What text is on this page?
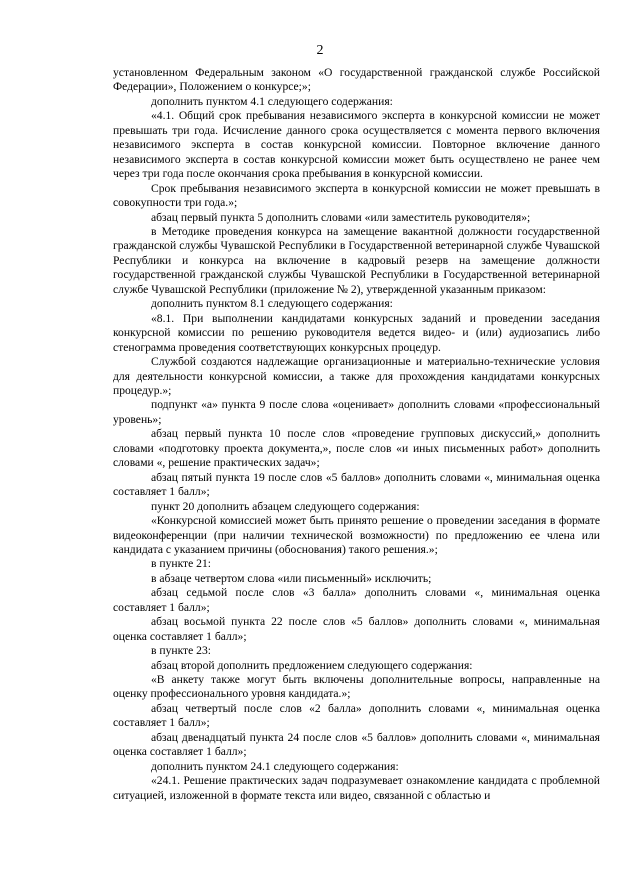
2

установленном Федеральным законом «О государственной гражданской службе Российской Федерации», Положением о конкурсе;»;

дополнить пунктом 4.1 следующего содержания:

«4.1. Общий срок пребывания независимого эксперта в конкурсной комиссии не может превышать три года. Исчисление данного срока осуществляется с момента первого включения независимого эксперта в состав конкурсной комиссии. Повторное включение данного независимого эксперта в состав конкурсной комиссии может быть осуществлено не ранее чем через три года после окончания срока пребывания в конкурсной комиссии.

Срок пребывания независимого эксперта в конкурсной комиссии не может превышать в совокупности три года.»;

абзац первый пункта 5 дополнить словами «или заместитель руководителя»;

в Методике проведения конкурса на замещение вакантной должности государственной гражданской службы Чувашской Республики в Государственной ветеринарной службе Чувашской Республики и конкурса на включение в кадровый резерв на замещение должности государственной гражданской службы Чувашской Республики в Государственной ветеринарной службе Чувашской Республики (приложение № 2), утвержденной указанным приказом:

дополнить пунктом 8.1 следующего содержания:

«8.1. При выполнении кандидатами конкурсных заданий и проведении заседания конкурсной комиссии по решению руководителя ведется видео- и (или) аудиозапись либо стенограмма проведения соответствующих конкурсных процедур.

Службой создаются надлежащие организационные и материально-технические условия для деятельности конкурсной комиссии, а также для прохождения кандидатами конкурсных процедур.»;

подпункт «а» пункта 9 после слова «оценивает» дополнить словами «профессиональный уровень»;

абзац первый пункта 10 после слов «проведение групповых дискуссий,» дополнить словами «подготовку проекта документа,», после слов «и иных письменных работ» дополнить словами «, решение практических задач»;

абзац пятый пункта 19 после слов «5 баллов» дополнить словами «, минимальная оценка составляет 1 балл»;

пункт 20 дополнить абзацем следующего содержания:

«Конкурсной комиссией может быть принято решение о проведении заседания в формате видеоконференции (при наличии технической возможности) по предложению ее члена или кандидата с указанием причины (обоснования) такого решения.»;

в пункте 21:

в абзаце четвертом слова «или письменный» исключить;

абзац седьмой после слов «3 балла» дополнить словами «, минимальная оценка составляет 1 балл»;

абзац восьмой пункта 22 после слов «5 баллов» дополнить словами «, минимальная оценка составляет 1 балл»;

в пункте 23:

абзац второй дополнить предложением следующего содержания:

«В анкету также могут быть включены дополнительные вопросы, направленные на оценку профессионального уровня кандидата.»;

абзац четвертый после слов «2 балла» дополнить словами «, минимальная оценка составляет 1 балл»;

абзац двенадцатый пункта 24 после слов «5 баллов» дополнить словами «, минимальная оценка составляет 1 балл»;

дополнить пунктом 24.1 следующего содержания:

«24.1. Решение практических задач подразумевает ознакомление кандидата с проблемной ситуацией, изложенной в формате текста или видео, связанной с областью и
